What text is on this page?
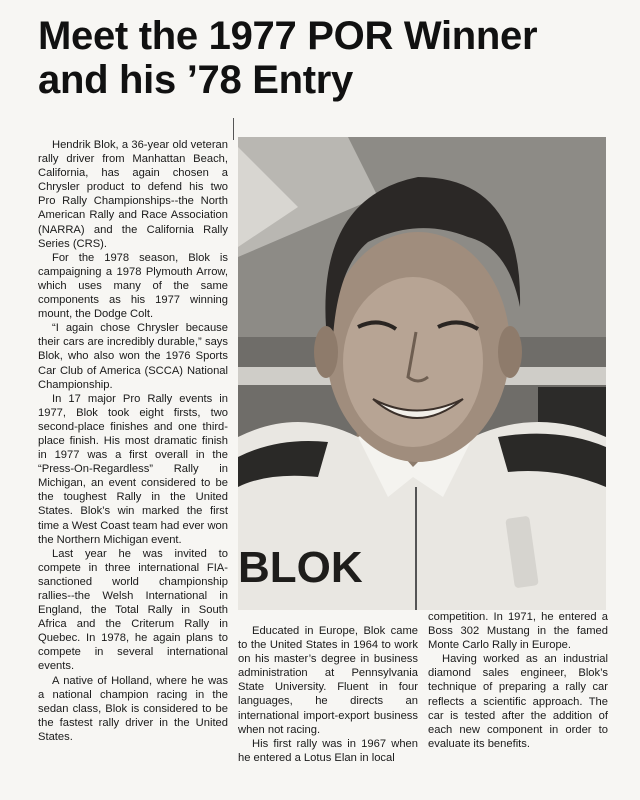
Meet the 1977 POR Winner
and his ’78 Entry

Hendrik Blok, a 36-year old veteran rally driver from Manhattan Beach, California, has again chosen a Chrysler product to defend his two Pro Rally Championships--the North American Rally and Race Association (NARRA) and the California Rally Series (CRS).

For the 1978 season, Blok is campaigning a 1978 Plymouth Arrow, which uses many of the same components as his 1977 winning mount, the Dodge Colt.

“I again chose Chrysler because their cars are incredibly durable,” says Blok, who also won the 1976 Sports Car Club of America (SCCA) National Championship.

In 17 major Pro Rally events in 1977, Blok took eight firsts, two second-place finishes and one third-place finish. His most dramatic finish in 1977 was a first overall in the “Press-On-Regardless” Rally in Michigan, an event considered to be the toughest Rally in the United States. Blok’s win marked the first time a West Coast team had ever won the Northern Michigan event.

Last year he was invited to compete in three international FIA-sanctioned world championship rallies--the Welsh International in England, the Total Rally in South Africa and the Criterum Rally in Quebec. In 1978, he again plans to compete in several international events.

A native of Holland, where he was a national champion racing in the sedan class, Blok is considered to be the fastest rally driver in the United States.

BLOK

Educated in Europe, Blok came to the United States in 1964 to work on his master’s degree in business administration at Pennsylvania State University. Fluent in four languages, he directs an international import-export business when not racing.

His first rally was in 1967 when he entered a Lotus Elan in local

competition. In 1971, he entered a Boss 302 Mustang in the famed Monte Carlo Rally in Europe.

Having worked as an industrial diamond sales engineer, Blok’s technique of preparing a rally car reflects a scientific approach. The car is tested after the addition of each new component in order to evaluate its benefits.
